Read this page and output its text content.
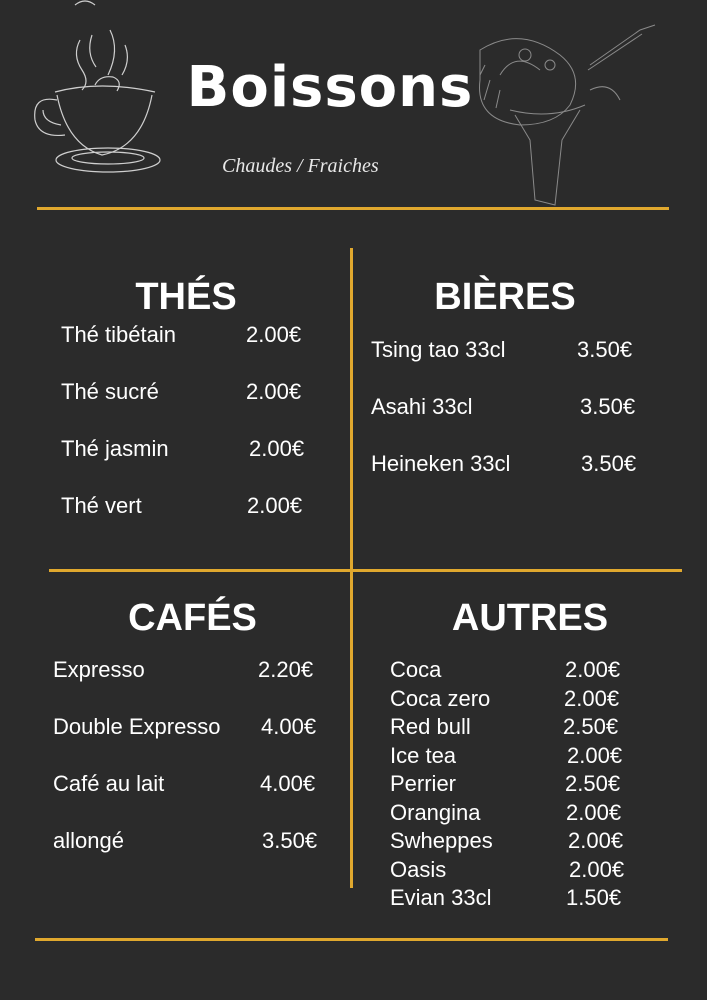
Boissons
Chaudes / Fraiches
THÉS
Thé tibétain	2.00€
Thé sucré	2.00€
Thé jasmin	2.00€
Thé vert	2.00€
BIÈRES
Tsing tao 33cl	3.50€
Asahi 33cl	3.50€
Heineken 33cl	3.50€
CAFÉS
Expresso	2.20€
Double Expresso 4.00€
Café au lait	4.00€
allongé	3.50€
AUTRES
Coca	2.00€
Coca zero	2.00€
Red bull	2.50€
Ice tea	2.00€
Perrier	2.50€
Orangina	2.00€
Swheppes	2.00€
Oasis	2.00€
Evian 33cl	1.50€
